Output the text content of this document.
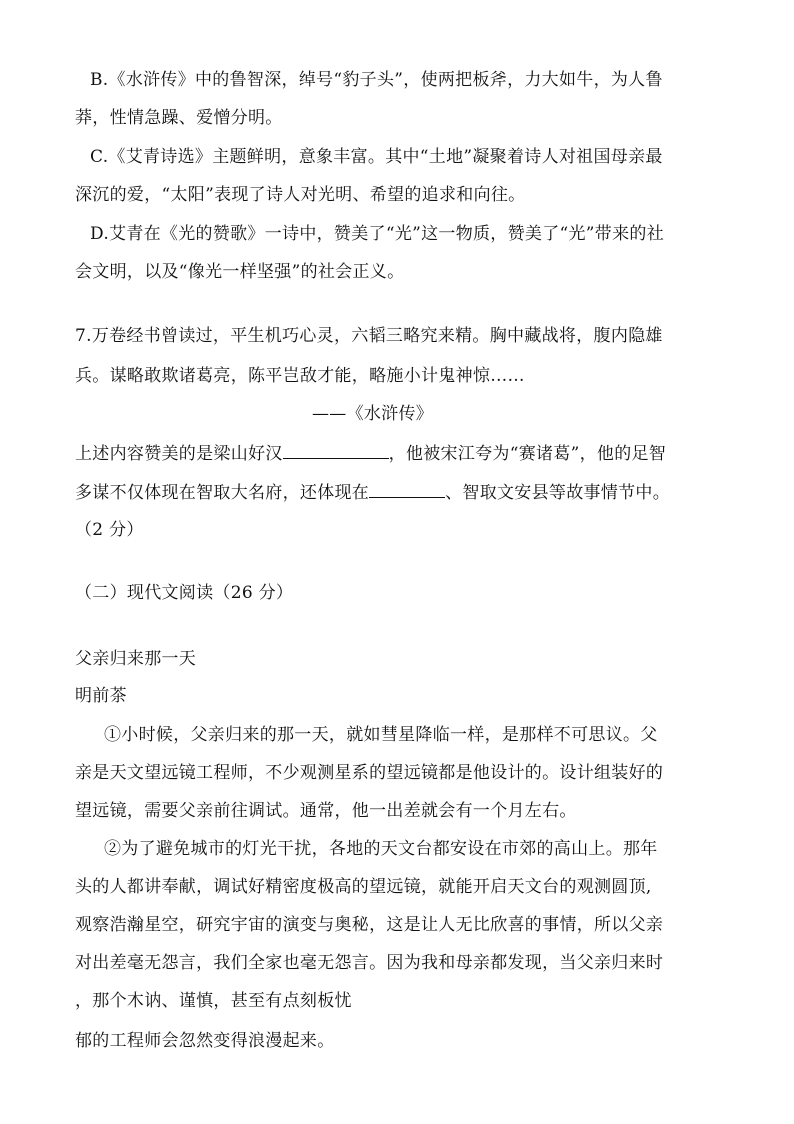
B.《水浒传》中的鲁智深，绰号“豹子头”，使两把板斧，力大如牛，为人鲁
莽，性情急躁、爱憎分明。
C.《艾青诗选》主题鲜明，意象丰富。其中“土地”凝聚着诗人对祖国母亲最
深沉的爱，“太阳”表现了诗人对光明、希望的追求和向往。
D.艾青在《光的赞歌》一诗中，赞美了“光”这一物质，赞美了“光”带来的社
会文明，以及“像光一样坚强”的社会正义。
7.万卷经书曾读过，平生机巧心灵，六韬三略究来精。胸中藏战将，腹内隐雄
兵。谋略敢欺诸葛亮，陈平岂敌才能，略施小计鬼神惊……
——《水浒传》
上述内容赞美的是梁山好汉	，他被宋江夸为“赛诸葛”，他的足智
多谋不仅体现在智取大名府，还体现在	、智取文安县等故事情节中。
（2 分）
（二）现代文阅读（26 分）
父亲归来那一天
明前茶
①小时候，父亲归来的那一天，就如彗星降临一样，是那样不可思议。父
亲是天文望远镜工程师，不少观测星系的望远镜都是他设计的。设计组装好的
望远镜，需要父亲前往调试。通常，他一出差就会有一个月左右。
②为了避免城市的灯光干扰，各地的天文台都安设在市郊的高山上。那年
头的人都讲奉献，调试好精密度极高的望远镜，就能开启天文台的观测圆顶,
观察浩瀚星空，研究宇宙的演变与奥秘，这是让人无比欣喜的事情，所以父亲
对出差毫无怨言，我们全家也毫无怨言。因为我和母亲都发现，当父亲归来时
，那个木讷、谨慎，甚至有点刻板忧
郁的工程师会忽然变得浪漫起来。
